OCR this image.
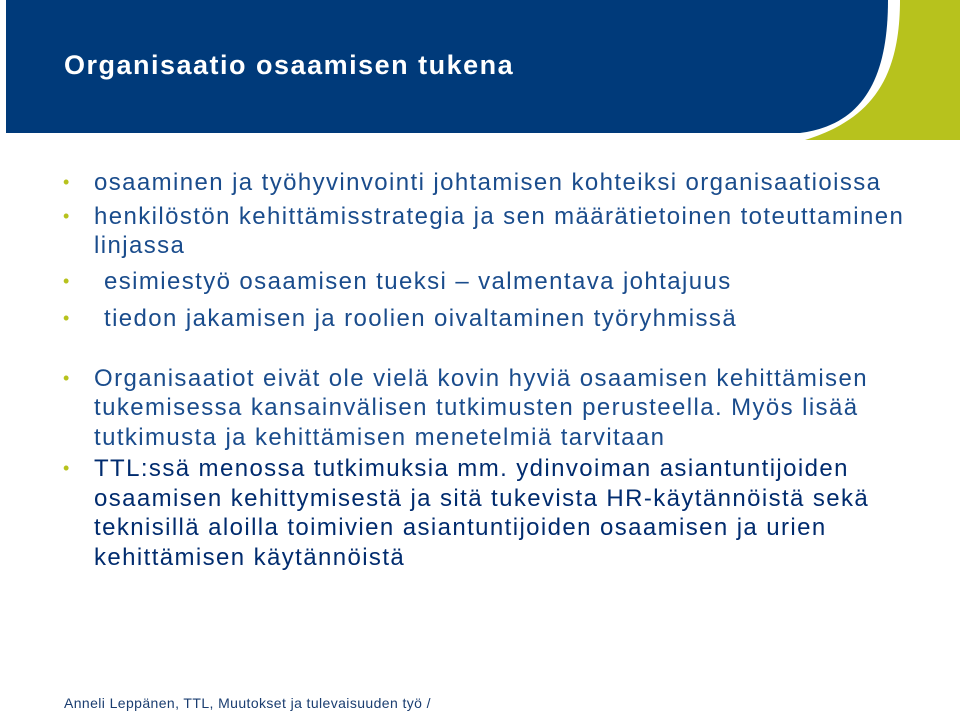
Organisaatio osaamisen tukena
• osaaminen ja työhyvinvointi johtamisen kohteiksi organisaatioissa
• henkilöstön kehittämisstrategia ja sen määrätietoinen toteuttaminen linjassa
• esimiestyö osaamisen tueksi – valmentava johtajuus
• tiedon jakamisen ja roolien oivaltaminen työryhmissä
• Organisaatiot eivät ole vielä kovin hyviä osaamisen kehittämisen tukemisessa kansainvälisen tutkimusten perusteella. Myös lisää tutkimusta ja kehittämisen menetelmiä tarvitaan
• TTL:ssä menossa tutkimuksia mm. ydinvoiman asiantuntijoiden osaamisen kehittymisestä ja sitä tukevista HR-käytännöistä sekä teknisillä aloilla toimivien asiantuntijoiden osaamisen ja urien kehittämisen käytännöistä
Anneli Leppänen, TTL, Muutokset ja tulevaisuuden työ /
